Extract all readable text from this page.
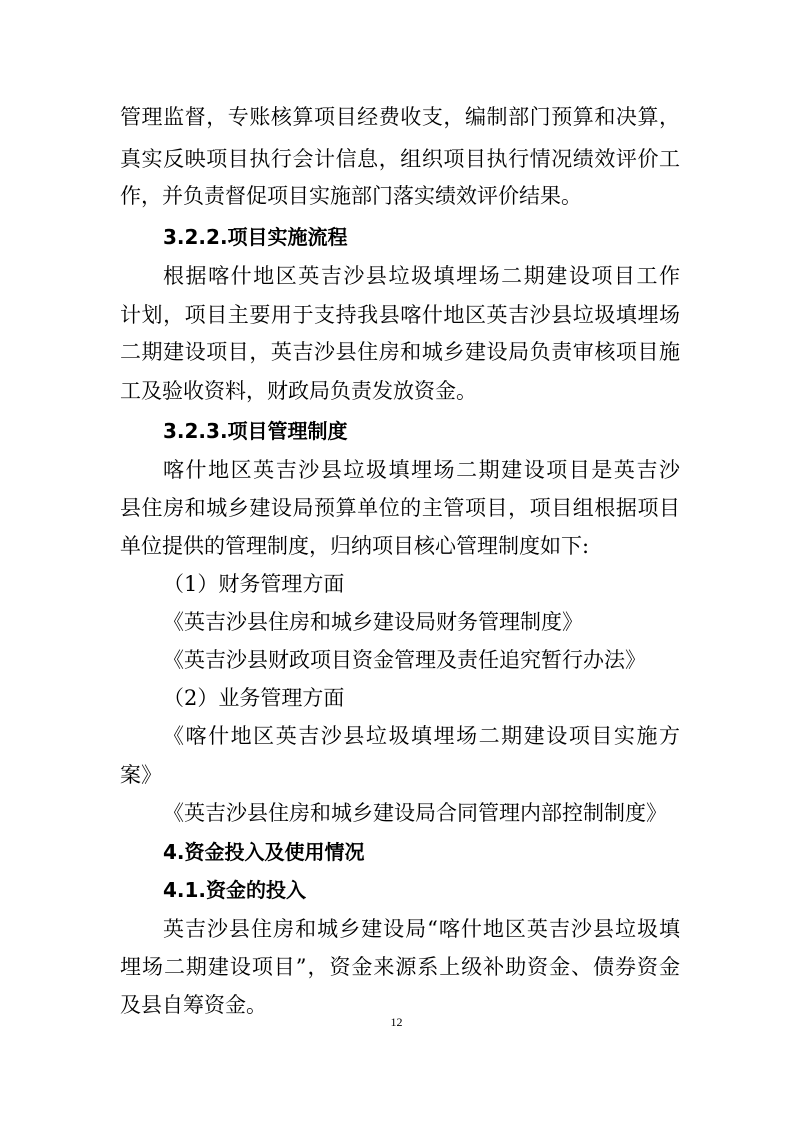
管理监督，专账核算项目经费收支，编制部门预算和决算，
真实反映项目执行会计信息，组织项目执行情况绩效评价工
作，并负责督促项目实施部门落实绩效评价结果。
3.2.2.项目实施流程
根据喀什地区英吉沙县垃圾填埋场二期建设项目工作
计划，项目主要用于支持我县喀什地区英吉沙县垃圾填埋场
二期建设项目，英吉沙县住房和城乡建设局负责审核项目施
工及验收资料，财政局负责发放资金。
3.2.3.项目管理制度
喀什地区英吉沙县垃圾填埋场二期建设项目是英吉沙
县住房和城乡建设局预算单位的主管项目，项目组根据项目
单位提供的管理制度，归纳项目核心管理制度如下:
（1）财务管理方面
《英吉沙县住房和城乡建设局财务管理制度》
《英吉沙县财政项目资金管理及责任追究暂行办法》
（2）业务管理方面
《喀什地区英吉沙县垃圾填埋场二期建设项目实施方
案》
《英吉沙县住房和城乡建设局合同管理内部控制制度》
4.资金投入及使用情况
4.1.资金的投入
英吉沙县住房和城乡建设局“喀什地区英吉沙县垃圾填
埋场二期建设项目”，资金来源系上级补助资金、债券资金
及县自筹资金。
12
